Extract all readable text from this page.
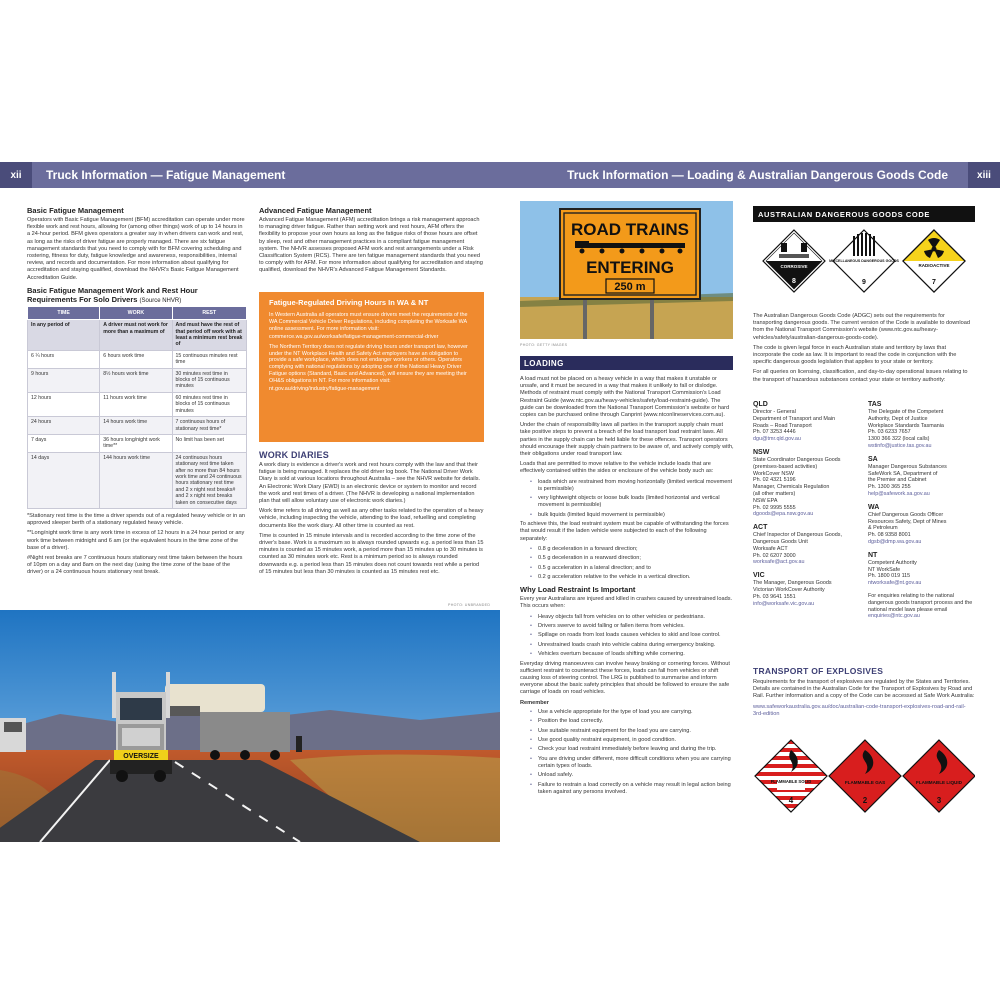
xii	Truck Information — Fatigue Management
Basic Fatigue Management

Operators with Basic Fatigue Management (BFM) accreditation can operate under more flexible work and rest hours, allowing for (among other things) work of up to 14 hours in a 24-hour period. BFM gives operators a greater say in when drivers can work and rest, as long as the risks of driver fatigue are properly managed. There are six fatigue management standards that you need to comply with for BFM covering scheduling and rostering, fitness for duty, fatigue knowledge and awareness, responsibilities, internal review, and records and documentation. For more information about qualifying for accreditation and staying qualified, download the NHVR's Basic Fatigue Management Accreditation Guide.

Basic Fatigue Management Work and Rest Hour Requirements For Solo Drivers (Source NHVR)
TIME	WORK	REST
In any period of	A driver must not work for more than a maximum of	And must have the rest of that period off work with at least a minimum rest break of
6 ¼ hours	6 hours work time	15 continuous minutes rest time
9 hours	8½ hours work time	30 minutes rest time in blocks of 15 continuous minutes
12 hours	11 hours work time	60 minutes rest time in blocks of 15 continuous minutes
24 hours	14 hours work time	7 continuous hours of stationary rest time*
7 days	36 hours long/night work time**	No limit has been set
14 days	144 hours work time	24 continuous hours stationary rest time taken after no more than 84 hours work time and 24 continuous hours stationary rest time and 2 x night rest breaks# and 2 x night rest breaks taken on consecutive days

*Stationary rest time is the time a driver spends out of a regulated heavy vehicle or in an approved sleeper berth of a stationary regulated heavy vehicle.

**Long/night work time is any work time in excess of 12 hours in a 24 hour period or any work time between midnight and 6 am (or the equivalent hours in the time zone of the base of a driver).

#Night rest breaks are 7 continuous hours stationary rest time taken between the hours of 10pm on a day and 8am on the next day (using the time zone of the base of the driver) or a 24 continuous hours stationary rest break.

Advanced Fatigue Management

Advanced Fatigue Management (AFM) accreditation brings a risk management approach to managing driver fatigue. Rather than setting work and rest hours, AFM offers the flexibility to propose your own hours as long as the fatigue risks of those hours are offset by sleep, rest and other management practices in a compliant fatigue management system. The NHVR assesses proposed AFM work and rest arrangements under a Risk Classification System (RCS). There are ten fatigue management standards that you need to comply with for AFM. For more information about qualifying for accreditation and staying qualified, download the NHVR's Advanced Fatigue Management Standards.

Fatigue-Regulated Driving Hours In WA & NT

In Western Australia all operators must ensure drivers meet the requirements of the WA Commercial Vehicle Driver Regulations, including completing the Worksafe WA online assessment. For more information visit:

commerce.wa.gov.au/worksafe/fatigue-management-commercial-driver

The Northern Territory does not regulate driving hours under transport law, however under the NT Workplace Health and Safety Act employers have an obligation to provide a safe workplace, which does not endanger workers or others. Operators complying with national regulations by adopting one of the National Heavy Driver Fatigue options (Standard, Basic and Advanced), will ensure they are meeting their OH&S obligations in NT. For more information visit:

nt.gov.au/driving/industry/fatigue-management

WORK DIARIES

A work diary is evidence a driver's work and rest hours comply with the law and that their fatigue is being managed. It replaces the old driver log book. The National Driver Work Diary is sold at various locations throughout Australia – see the NHVR website for details. An Electronic Work Diary (EWD) is an electronic device or system to monitor and record the work and rest times of a driver. (The NHVR is developing a national implementation plan that will allow voluntary use of electronic work diaries.)

Work time refers to all driving as well as any other tasks related to the operation of a heavy vehicle, including inspecting the vehicle, attending to the load, refuelling and completing documents like the work diary. All other time is counted as rest.

Time is counted in 15 minute intervals and is recorded according to the time zone of the driver's base. Work is a maximum so is always rounded upwards e.g. a period less than 15 minutes is counted as 15 minutes work, a period more than 15 minutes up to 30 minutes is counted as 30 minutes work etc. Rest is a minimum period so is always rounded downwards e.g. a period less than 15 minutes does not count towards rest while a period of 15 minutes but less than 30 minutes is counted as 15 minutes rest etc.

PHOTO: UNBRANDED
OVERSIZE
Truck Information — Loading & Australian Dangerous Goods Code	xiii
ROAD TRAINS
ENTERING
250 m
PHOTO: GETTY IMAGES
LOADING

A load must not be placed on a heavy vehicle in a way that makes it unstable or unsafe, and it must be secured in a way that makes it unlikely to fall or dislodge. Methods of restraint must comply with the National Transport Commission's Load Restraint Guide (www.ntc.gov.au/heavy-vehicles/safety/load-restraint-guide). The guide can be downloaded from the National Transport Commission's website or hard copies can be purchased online through Canprint (www.ntconlineservices.com.au).

Under the chain of responsibility laws all parties in the transport supply chain must take positive steps to prevent a breach of the load transport load restraint laws. All parties in the supply chain can be held liable for these offences. Transport operators should encourage their supply chain partners to be aware of, and actively comply with, their obligations under road transport law.

Loads that are permitted to move relative to the vehicle include loads that are effectively contained within the sides or enclosure of the vehicle body such as:

• loads which are restrained from moving horizontally (limited vertical movement is permissible)
• very lightweight objects or loose bulk loads (limited horizontal and vertical movement is permissible)
• bulk liquids (limited liquid movement is permissible)

To achieve this, the load restraint system must be capable of withstanding the forces that would result if the laden vehicle were subjected to each of the following separately:

• 0.8 g deceleration in a forward direction;
• 0.5 g deceleration in a rearward direction;
• 0.5 g acceleration in a lateral direction; and to
• 0.2 g acceleration relative to the vehicle in a vertical direction.
Why Load Restraint Is Important

Every year Australians are injured and killed in crashes caused by unrestrained loads. This occurs when:

• Heavy objects fall from vehicles on to other vehicles or pedestrians.
• Drivers swerve to avoid falling or fallen items from vehicles.
• Spillage on roads from lost loads causes vehicles to skid and lose control.
• Unrestrained loads crash into vehicle cabins during emergency braking.
• Vehicles overturn because of loads shifting while cornering.

Everyday driving manoeuvres can involve heavy braking or cornering forces. Without sufficient restraint to counteract these forces, loads can fall from vehicles or shift causing loss of steering control. The LRG is published to summarise and inform everyone about the basic safety principles that should be followed to ensure the safe carriage of loads on road vehicles.

Remember
• Use a vehicle appropriate for the type of load you are carrying.
• Position the load correctly.
• Use suitable restraint equipment for the load you are carrying.
• Use good quality restraint equipment, in good condition.
• Check your load restraint immediately before leaving and during the trip.
• You are driving under different, more difficult conditions when you are carrying certain types of loads.
• Unload safely.
• Failure to restrain a load correctly on a vehicle may result in legal action being taken against any persons involved.
AUSTRALIAN DANGEROUS GOODS CODE
CORROSIVE
8
MISCELLANEOUS DANGEROUS GOODS
9
RADIOACTIVE
7

The Australian Dangerous Goods Code (ADGC) sets out the requirements for transporting dangerous goods. The current version of the Code is available to download from the National Transport Commission's website (www.ntc.gov.au/heavy-vehicles/safety/australian-dangerous-goods-code).

The code is given legal force in each Australian state and territory by laws that incorporate the code as law. It is important to read the code in conjunction with the specific dangerous goods legislation that applies to your state or territory.

For all queries on licensing, classification, and day-to-day operational issues relating to the transport of hazardous substances contact your state or territory authority:

QLD
Director - General
Department of Transport and Main
Roads – Road Transport
Ph. 07 3253 4446
dgu@tmr.qld.gov.au
NSW
State Coordinator Dangerous Goods
(premises-based activities)
WorkCover NSW
Ph. 02 4321 5196
Manager, Chemicals Regulation
(all other matters)
NSW EPA
Ph. 02 9995 5555
dgoods@epa.nsw.gov.au
ACT
Chief Inspector of Dangerous Goods,
Dangerous Goods Unit
Worksafe ACT
Ph. 02 6207 3000
worksafe@act.gov.au
VIC
The Manager, Dangerous Goods
Victorian WorkCover Authority
Ph. 03 9641 1551
info@worksafe.vic.gov.au
TAS
The Delegate of the Competent
Authority, Dept of Justice
Workplace Standards Tasmania
Ph. 03 6233 7657
1300 366 322 (local calls)
wstinfo@justice.tas.gov.au
SA
Manager Dangerous Substances
SafeWork SA, Department of
the Premier and Cabinet
Ph. 1300 365 255
help@safework.sa.gov.au
WA
Chief Dangerous Goods Officer
Resources Safety, Dept of Mines
& Petroleum
Ph. 08 9358 8001
dgsb@dmp.wa.gov.au
NT
Competent Authority
NT WorkSafe
Ph. 1800 019 115
ntworksafe@nt.gov.au
For enquiries relating to the national dangerous goods transport process and the national model laws please email
enquiries@ntc.gov.au
TRANSPORT OF EXPLOSIVES

Requirements for the transport of explosives are regulated by the States and Territories. Details are contained in the Australian Code for the Transport of Explosives by Road and Rail. Further information and a copy of the Code can be accessed at Safe Work Australia:

www.safeworkaustralia.gov.au/doc/australian-code-transport-explosives-road-and-rail-3rd-edition

FLAMMABLE SOLID
4
FLAMMABLE GAS
2
FLAMMABLE LIQUID
3
